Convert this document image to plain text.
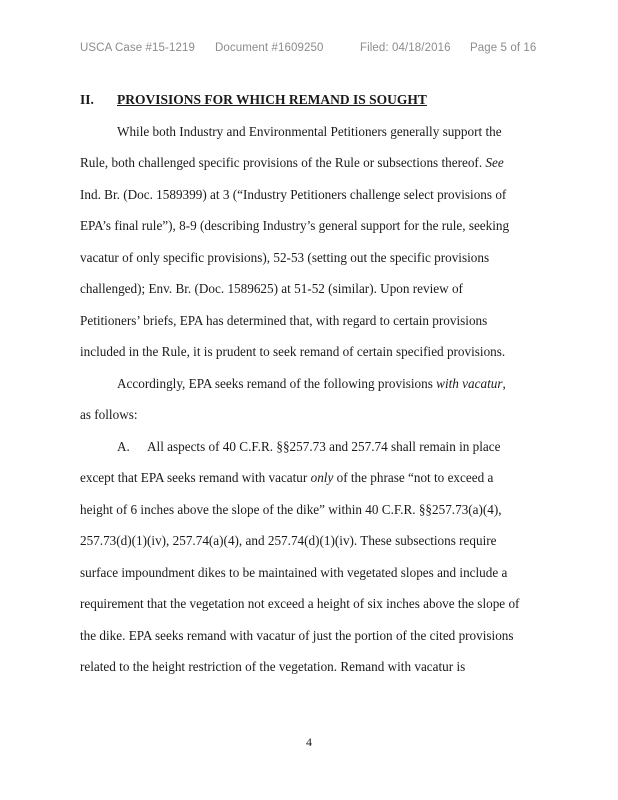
USCA Case #15-1219 Document #1609250	Filed: 04/18/2016 Page 5 of 16
II. PROVISIONS FOR WHICH REMAND IS SOUGHT
While both Industry and Environmental Petitioners generally support the
Rule, both challenged specific provisions of the Rule or subsections thereof. See
Ind. Br. (Doc. 1589399) at 3 (“Industry Petitioners challenge select provisions of
EPA’s final rule”), 8-9 (describing Industry’s general support for the rule, seeking
vacatur of only specific provisions), 52-53 (setting out the specific provisions
challenged); Env. Br. (Doc. 1589625) at 51-52 (similar). Upon review of
Petitioners’ briefs, EPA has determined that, with regard to certain provisions
included in the Rule, it is prudent to seek remand of certain specified provisions.
Accordingly, EPA seeks remand of the following provisions with vacatur,
as follows:
A. All aspects of 40 C.F.R. §§257.73 and 257.74 shall remain in place
except that EPA seeks remand with vacatur only of the phrase “not to exceed a
height of 6 inches above the slope of the dike” within 40 C.F.R. §§257.73(a)(4),
257.73(d)(1)(iv), 257.74(a)(4), and 257.74(d)(1)(iv). These subsections require
surface impoundment dikes to be maintained with vegetated slopes and include a
requirement that the vegetation not exceed a height of six inches above the slope of
the dike. EPA seeks remand with vacatur of just the portion of the cited provisions
related to the height restriction of the vegetation. Remand with vacatur is
4
